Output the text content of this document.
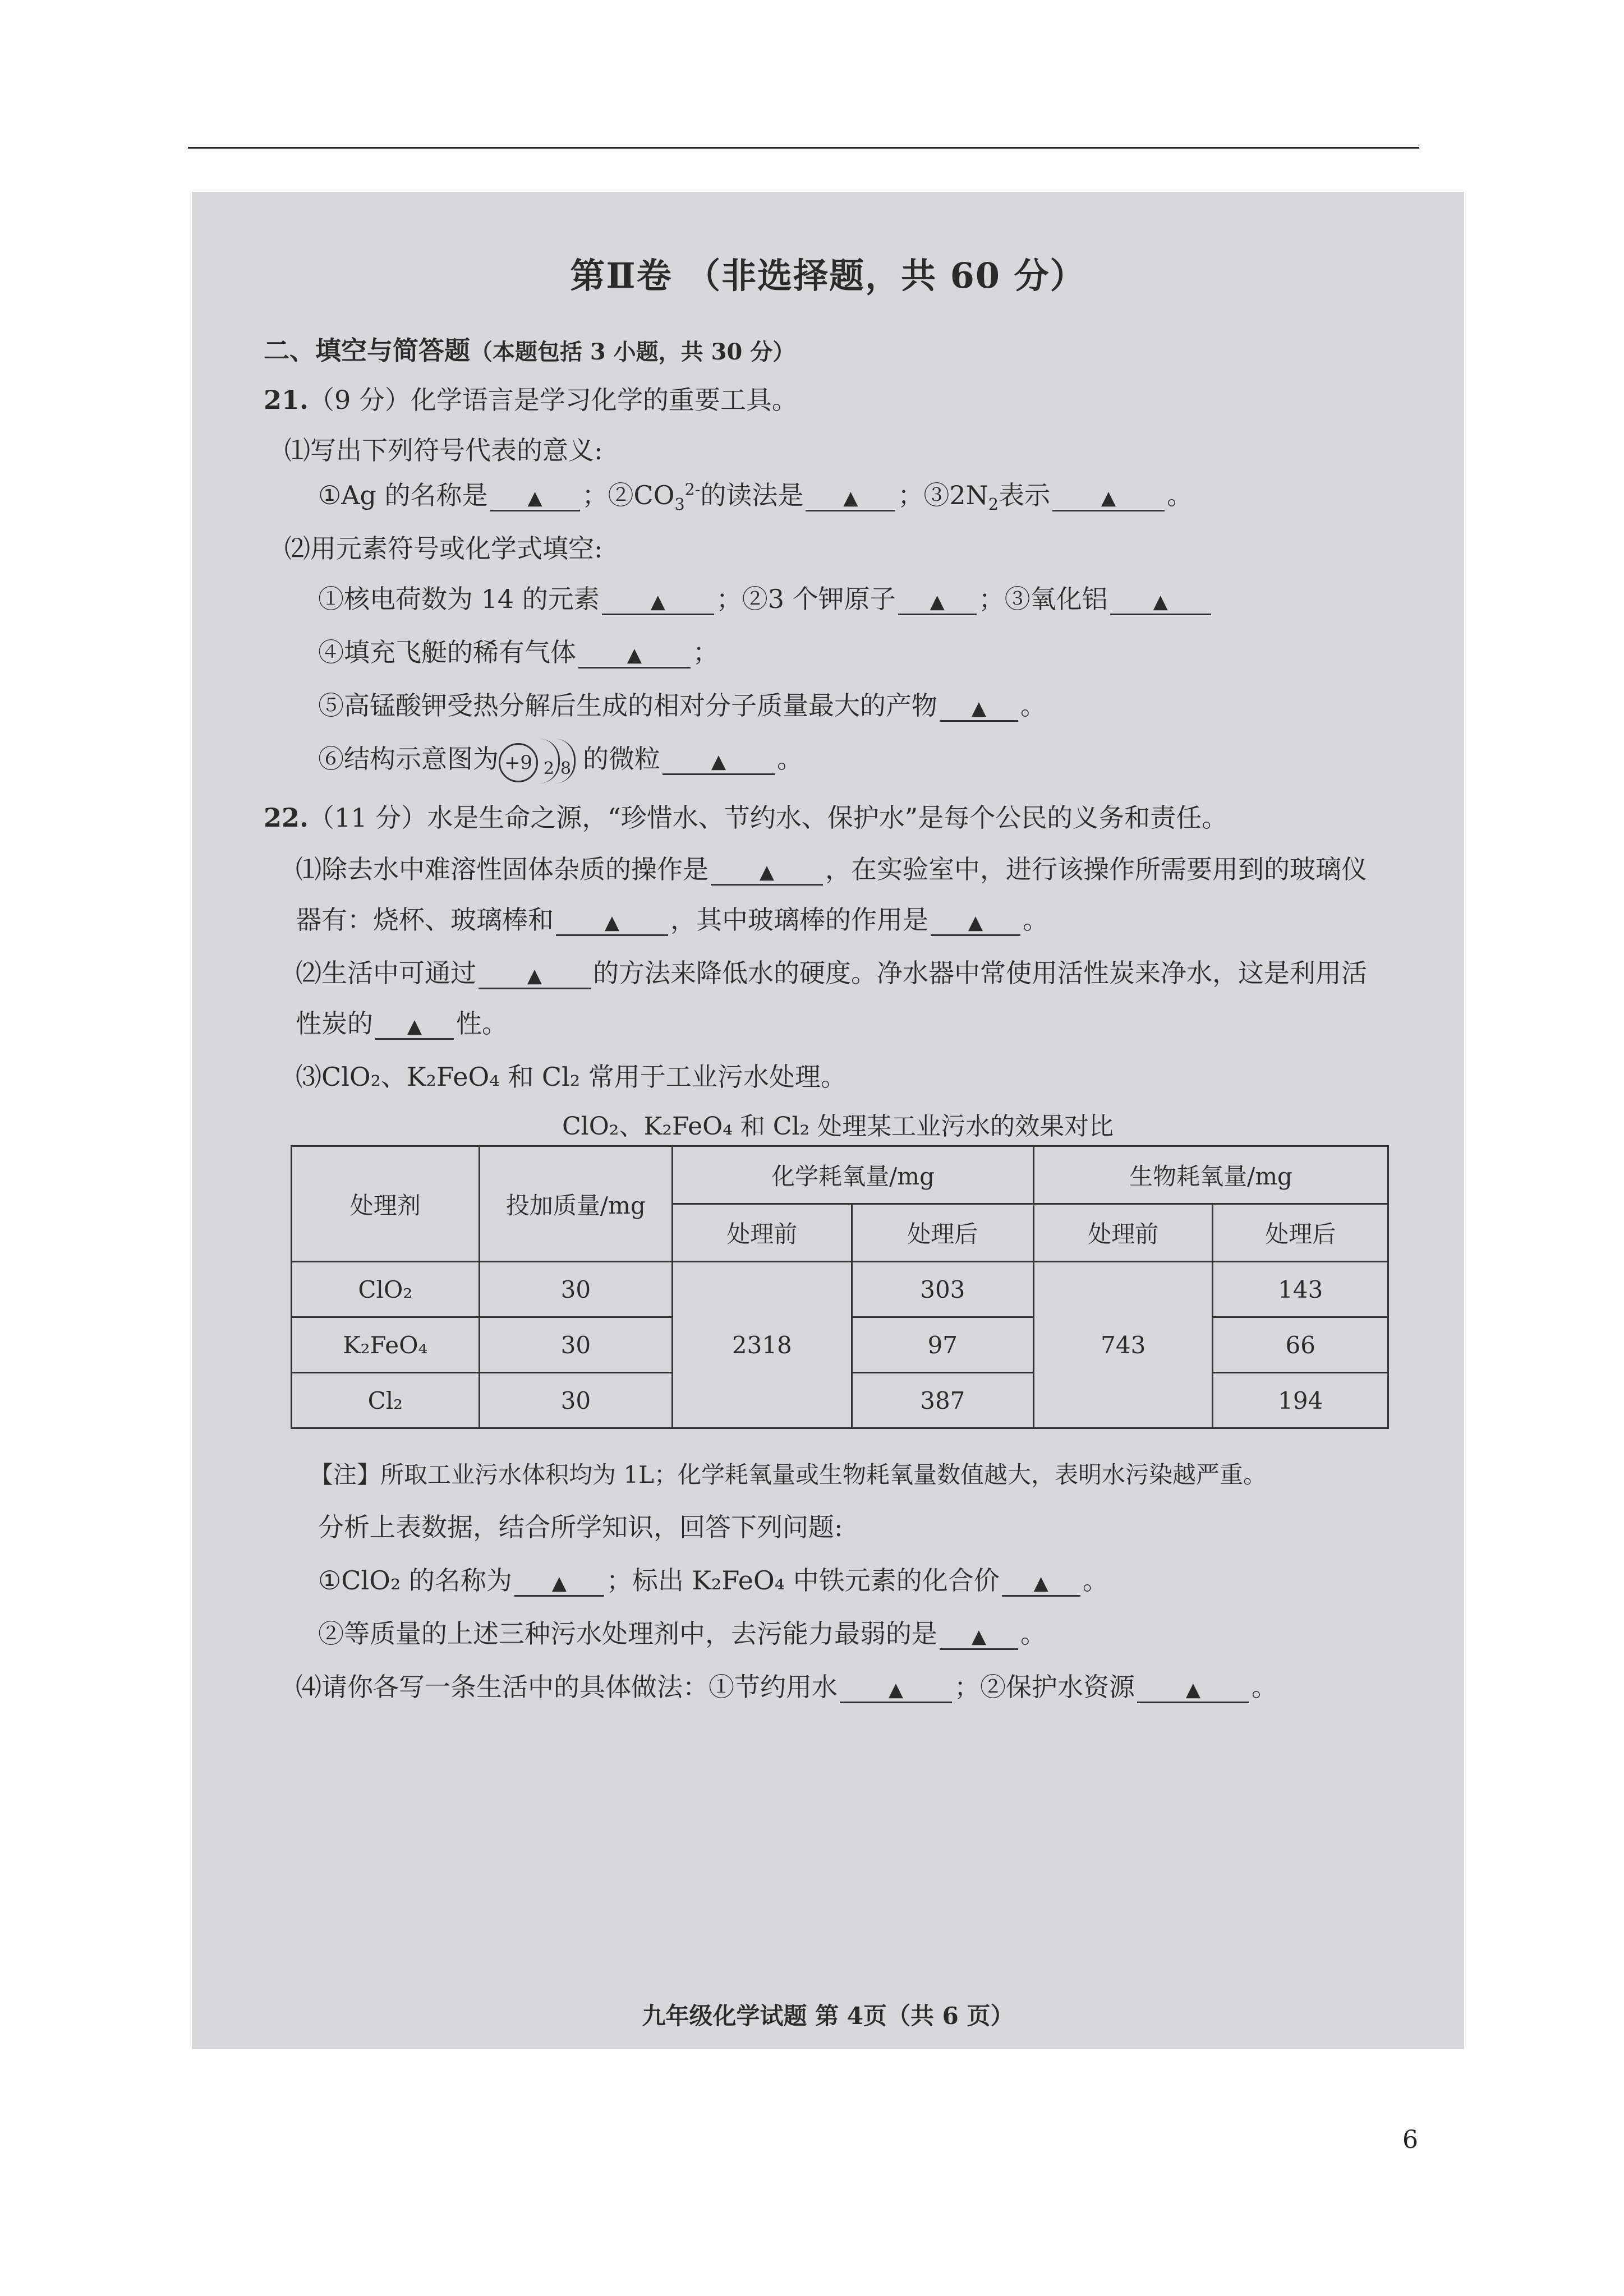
第Ⅱ卷 （非选择题，共 60 分）
二、填空与简答题（本题包括 3 小题，共 30 分）
21.（9 分）化学语言是学习化学的重要工具。
⑴写出下列符号代表的意义:
①Ag 的名称是 ▲ ；$②CO_3^{2-}$的读法是 ▲ ；$③2N_2$表示	▲ 。
⑵用元素符号或化学式填空:
①核电荷数为 14 的元素	▲ ；②3 个钾原子 ▲ ；③氧化铝 ▲
④填充飞艇的稀有气体	▲ ；
⑤高锰酸钾受热分解后生成的相对分子质量最大的产物 ▲ 。
⑥结构示意图为 +9 2 8 的微粒	▲ 。
22.（11 分）水是生命之源，“珍惜水、节约水、保护水”是每个公民的义务和责任。
⑴除去水中难溶性固体杂质的操作是	▲ ，在实验室中，进行该操作所需要用到的玻璃仪
器有：烧杯、玻璃棒和	▲ ，其中玻璃棒的作用是 ▲ 。
⑵生活中可通过	▲ 的方法来降低水的硬度。净水器中常使用活性炭来净水，这是利用活
性炭的 ▲ 性。
⑶ClO₂、K₂FeO₄ 和 Cl₂ 常用于工业污水处理。
ClO₂、K₂FeO₄ 和 Cl₂ 处理某工业污水的效果对比
处理剂	投加质量/mg	化学耗氧量/mg		生物耗氧量/mg	
		处理前	处理后	处理前	处理后
ClO₂	30	2318	303	743	143
K₂FeO₄	30		97		66
Cl₂	30		387		194
【注】所取工业污水体积均为 1L；化学耗氧量或生物耗氧量数值越大，表明水污染越严重。
分析上表数据，结合所学知识，回答下列问题:
①ClO₂ 的名称为 ▲ ；标出 K₂FeO₄ 中铁元素的化合价 ▲ 。
②等质量的上述三种污水处理剂中，去污能力最弱的是 ▲ 。
⑷请你各写一条生活中的具体做法：①节约用水	▲ ；②保护水资源	▲ 。
九年级化学试题 第 4页（共 6 页）
6
